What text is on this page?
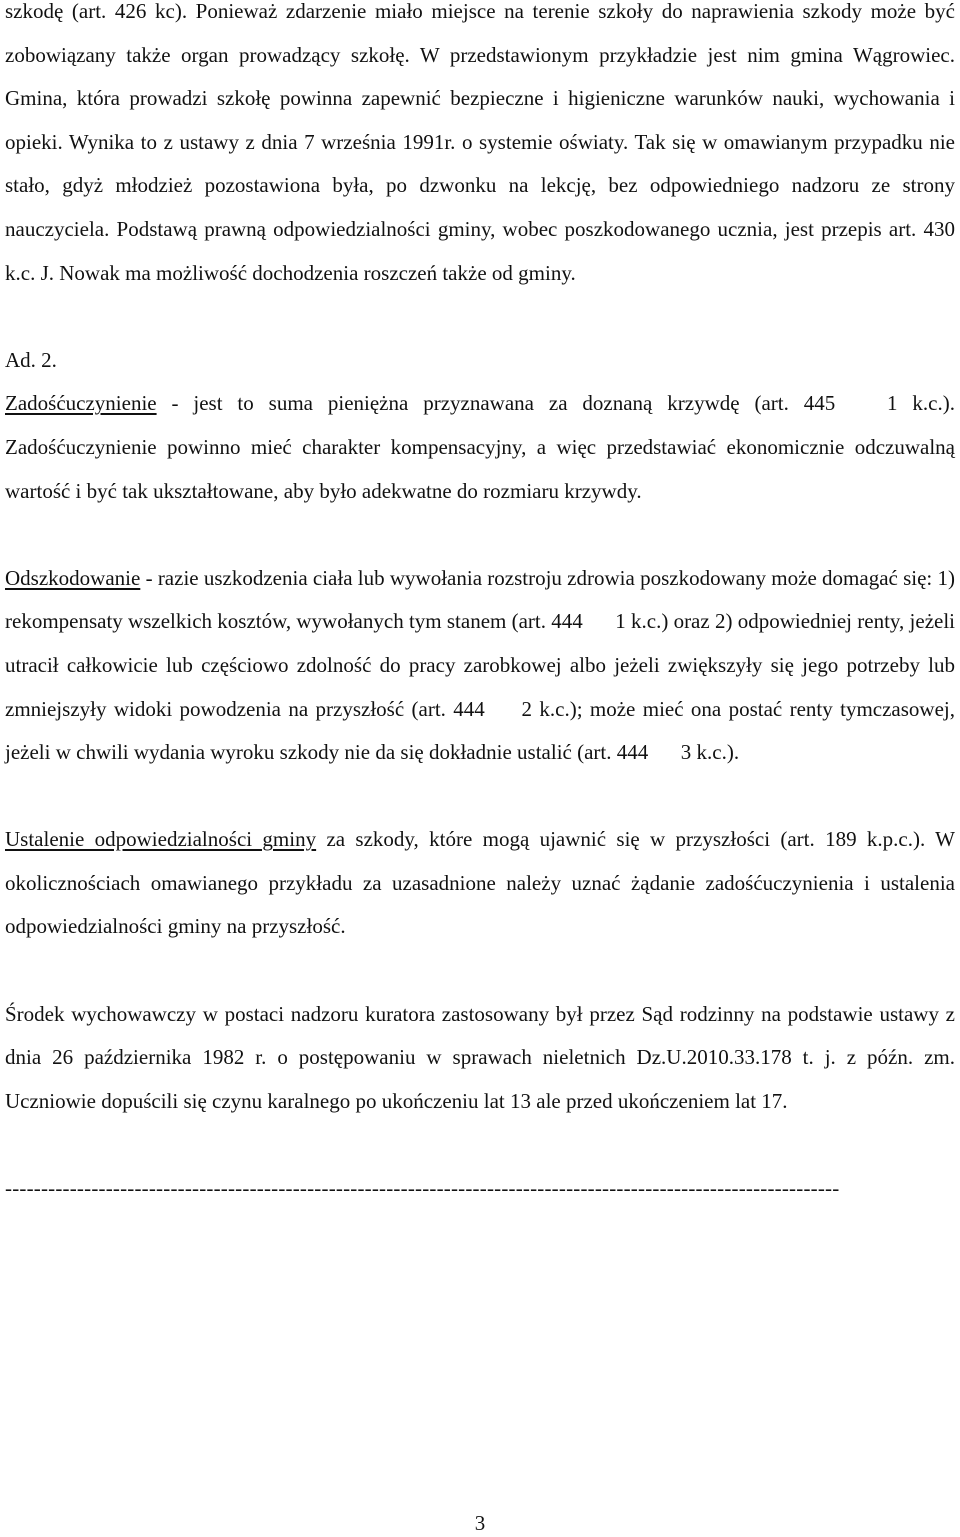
szkodę (art. 426 kc). Ponieważ zdarzenie miało miejsce na terenie szkoły do naprawienia szkody może być zobowiązany także organ prowadzący szkołę. W przedstawionym przykładzie jest nim gmina Wągrowiec. Gmina, która prowadzi szkołę powinna zapewnić bezpieczne i higieniczne warunków nauki, wychowania i opieki. Wynika to z ustawy z dnia 7 września 1991r. o systemie oświaty. Tak się w omawianym przypadku nie stało, gdyż młodzież pozostawiona była, po dzwonku na lekcję, bez odpowiedniego nadzoru ze strony nauczyciela. Podstawą prawną odpowiedzialności gminy, wobec poszkodowanego ucznia, jest przepis art. 430 k.c. J. Nowak ma możliwość dochodzenia roszczeń także od gminy.

Ad. 2.

Zadośćuczynienie - jest to suma pieniężna przyznawana za doznaną krzywdę (art. 445  1 k.c.). Zadośćuczynienie powinno mieć charakter kompensacyjny, a więc przedstawiać ekonomicznie odczuwalną wartość i być tak ukształtowane, aby było adekwatne do rozmiaru krzywdy.

Odszkodowanie - razie uszkodzenia ciała lub wywołania rozstroju zdrowia poszkodowany może domagać się: 1) rekompensaty wszelkich kosztów, wywołanych tym stanem (art. 444  1 k.c.) oraz 2) odpowiedniej renty, jeżeli utracił całkowicie lub częściowo zdolność do pracy zarobkowej albo jeżeli zwiększyły się jego potrzeby lub zmniejszyły widoki powodzenia na przyszłość (art. 444  2 k.c.); może mieć ona postać renty tymczasowej, jeżeli w chwili wydania wyroku szkody nie da się dokładnie ustalić (art. 444  3 k.c.).

Ustalenie odpowiedzialności gminy za szkody, które mogą ujawnić się w przyszłości (art. 189 k.p.c.). W okolicznościach omawianego przykładu za uzasadnione należy uznać żądanie zadośćuczynienia i ustalenia odpowiedzialności gminy na przyszłość.

Środek wychowawczy w postaci nadzoru kuratora zastosowany był przez Sąd rodzinny na podstawie ustawy z dnia 26 października 1982 r. o postępowaniu w sprawach nieletnich Dz.U.2010.33.178 t. j. z późn. zm. Uczniowie dopuścili się czynu karalnego po ukończeniu lat 13 ale przed ukończeniem lat 17.

--------------------------------------------------------------------------------------------------------------------

3
